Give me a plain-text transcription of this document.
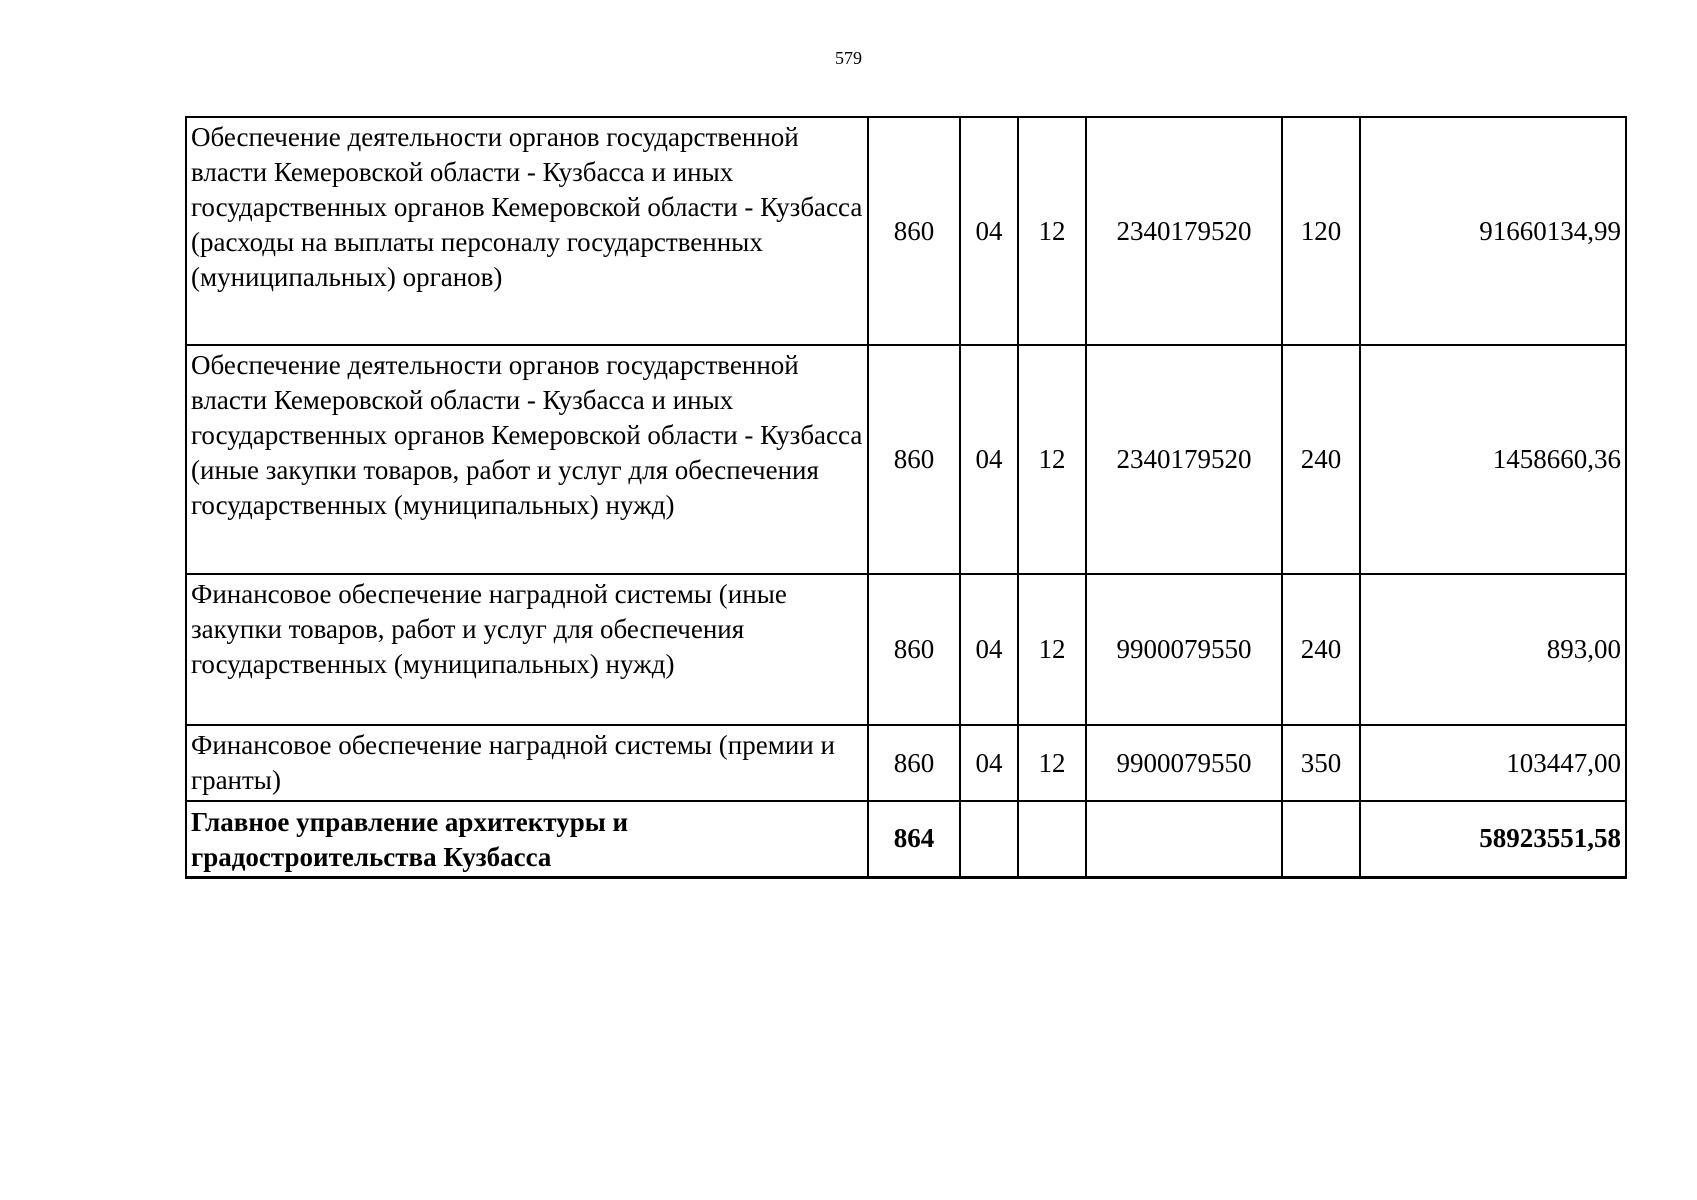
579
Обеспечение деятельности органов государственной власти Кемеровской области - Кузбасса и иных государственных органов Кемеровской области - Кузбасса (расходы на выплаты персоналу государственных (муниципальных) органов)	860	04	12	2340179520	120	91660134,99
Обеспечение деятельности органов государственной власти Кемеровской области - Кузбасса и иных государственных органов Кемеровской области - Кузбасса (иные закупки товаров, работ и услуг для обеспечения государственных (муниципальных) нужд)	860	04	12	2340179520	240	1458660,36
Финансовое обеспечение наградной системы (иные закупки товаров, работ и услуг для обеспечения государственных (муниципальных) нужд)	860	04	12	9900079550	240	893,00
Финансовое обеспечение наградной системы (премии и гранты)	860	04	12	9900079550	350	103447,00
Главное управление архитектуры и градостроительства Кузбасса	864					58923551,58
